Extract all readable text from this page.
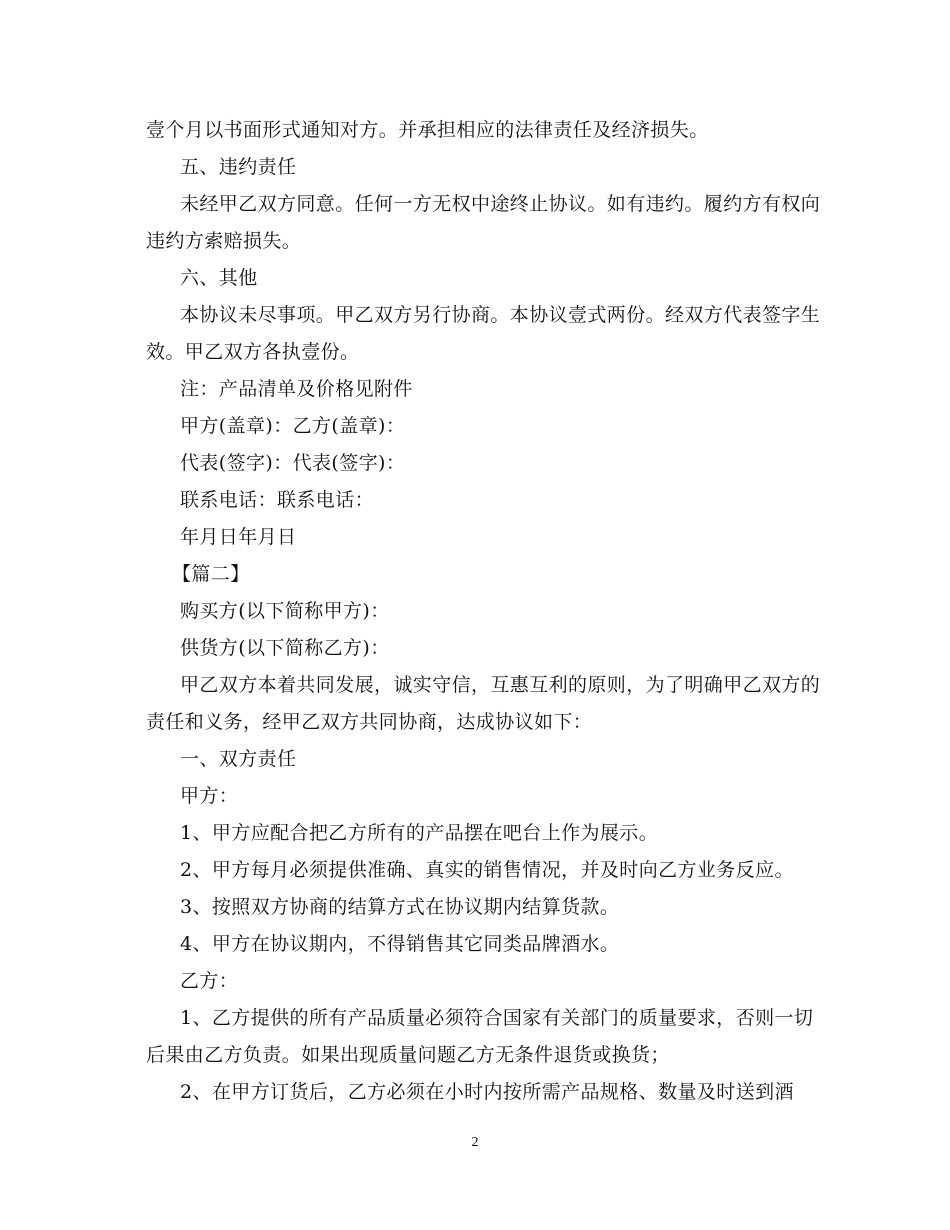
壹个月以书面形式通知对方。并承担相应的法律责任及经济损失。
五、违约责任
未经甲乙双方同意。任何一方无权中途终止协议。如有违约。履约方有权向
违约方索赔损失。
六、其他
本协议未尽事项。甲乙双方另行协商。本协议壹式两份。经双方代表签字生
效。甲乙双方各执壹份。
注：产品清单及价格见附件
甲方(盖章)：乙方(盖章)：
代表(签字)：代表(签字)：
联系电话：联系电话：
年月日年月日
【篇二】
购买方(以下简称甲方)：
供货方(以下简称乙方)：
甲乙双方本着共同发展，诚实守信，互惠互利的原则，为了明确甲乙双方的
责任和义务，经甲乙双方共同协商，达成协议如下：
一、双方责任
甲方：
1、甲方应配合把乙方所有的产品摆在吧台上作为展示。
2、甲方每月必须提供准确、真实的销售情况，并及时向乙方业务反应。
3、按照双方协商的结算方式在协议期内结算货款。
4、甲方在协议期内，不得销售其它同类品牌酒水。
乙方：
1、乙方提供的所有产品质量必须符合国家有关部门的质量要求，否则一切
后果由乙方负责。如果出现质量问题乙方无条件退货或换货；
2、在甲方订货后，乙方必须在小时内按所需产品规格、数量及时送到酒
2
